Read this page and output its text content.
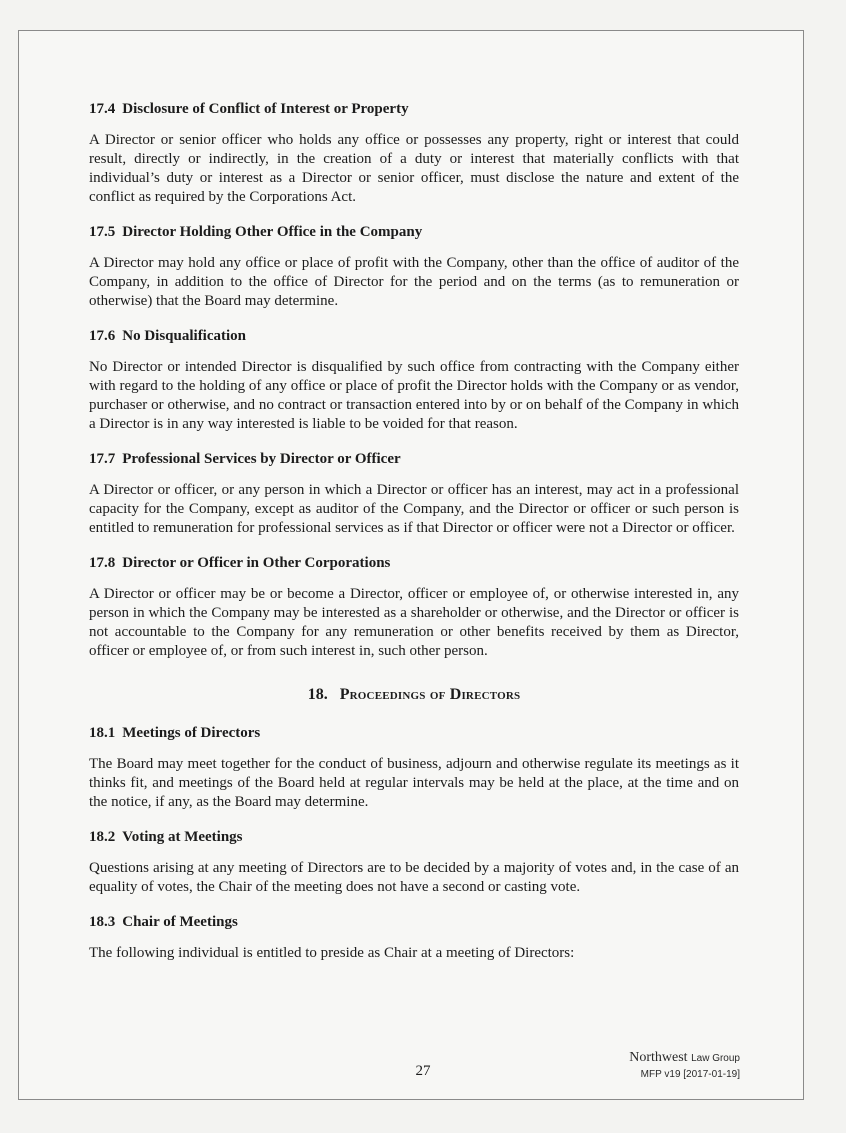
17.4 Disclosure of Conflict of Interest or Property

A Director or senior officer who holds any office or possesses any property, right or interest that could result, directly or indirectly, in the creation of a duty or interest that materially conflicts with that individual’s duty or interest as a Director or senior officer, must disclose the nature and extent of the conflict as required by the Corporations Act.

17.5 Director Holding Other Office in the Company

A Director may hold any office or place of profit with the Company, other than the office of auditor of the Company, in addition to the office of Director for the period and on the terms (as to remuneration or otherwise) that the Board may determine.

17.6 No Disqualification

No Director or intended Director is disqualified by such office from contracting with the Company either with regard to the holding of any office or place of profit the Director holds with the Company or as vendor, purchaser or otherwise, and no contract or transaction entered into by or on behalf of the Company in which a Director is in any way interested is liable to be voided for that reason.

17.7 Professional Services by Director or Officer

A Director or officer, or any person in which a Director or officer has an interest, may act in a professional capacity for the Company, except as auditor of the Company, and the Director or officer or such person is entitled to remuneration for professional services as if that Director or officer were not a Director or officer.

17.8 Director or Officer in Other Corporations

A Director or officer may be or become a Director, officer or employee of, or otherwise interested in, any person in which the Company may be interested as a shareholder or otherwise, and the Director or officer is not accountable to the Company for any remuneration or other benefits received by them as Director, officer or employee of, or from such interest in, such other person.

18. Proceedings of Directors
18.1 Meetings of Directors

The Board may meet together for the conduct of business, adjourn and otherwise regulate its meetings as it thinks fit, and meetings of the Board held at regular intervals may be held at the place, at the time and on the notice, if any, as the Board may determine.

18.2 Voting at Meetings

Questions arising at any meeting of Directors are to be decided by a majority of votes and, in the case of an equality of votes, the Chair of the meeting does not have a second or casting vote.

18.3 Chair of Meetings

The following individual is entitled to preside as Chair at a meeting of Directors:

27
Northwest Law Group
MFP v19 [2017-01-19]
